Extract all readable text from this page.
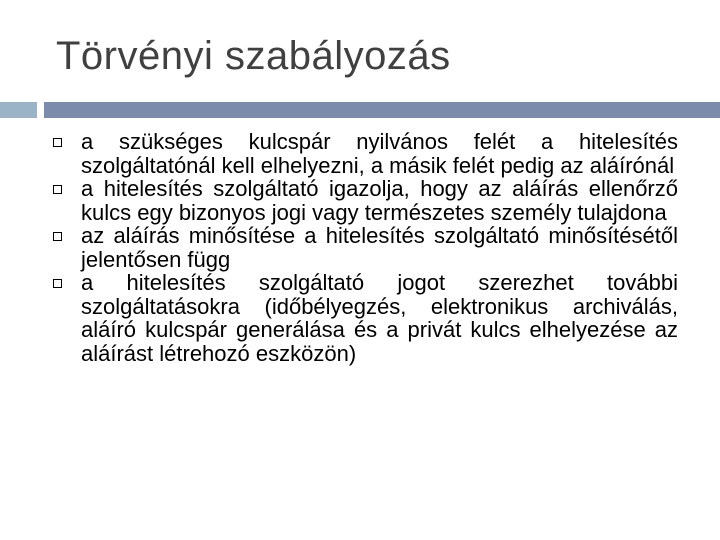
Törvényi szabályozás
a szükséges kulcspár nyilvános felét a hitelesítés szolgáltatónál kell elhelyezni, a másik felét pedig az aláírónál
a hitelesítés szolgáltató igazolja, hogy az aláírás ellenőrző kulcs egy bizonyos jogi vagy természetes személy tulajdona
az aláírás minősítése a hitelesítés szolgáltató minősítésétől jelentősen függ
a hitelesítés szolgáltató jogot szerezhet további szolgáltatásokra (időbélyegzés, elektronikus archiválás, aláíró kulcspár generálása és a privát kulcs elhelyezése az aláírást létrehozó eszközön)
